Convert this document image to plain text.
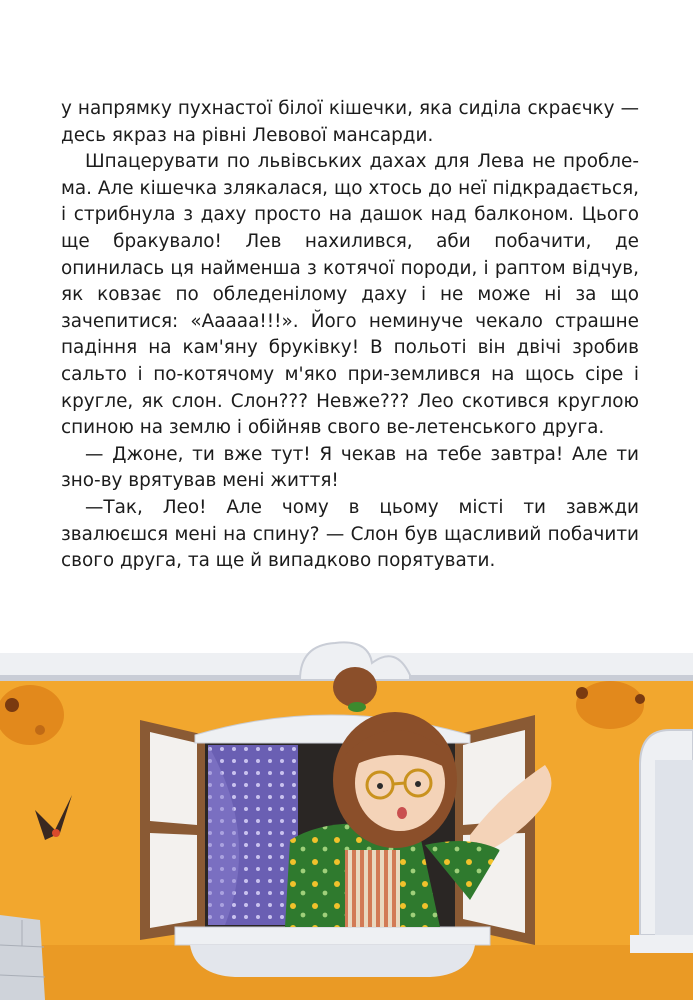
у напрямку пухнастої білої кішечки, яка сиділа скраєчку — десь якраз на рівні Левової мансарди.

Шпацерувати по львівських дахах для Лева не пробле-ма. Але кішечка злякалася, що хтось до неї підкрадається, і стрибнула з даху просто на дашок над балконом. Цього ще бракувало! Лев нахилився, аби побачити, де опинилась ця найменша з котячої породи, і раптом відчув, як ковзає по обледенілому даху і не може ні за що зачепитися: «Ааааа!!!». Його неминуче чекало страшне падіння на кам'яну бруківку! В польоті він двічі зробив сальто і по-котячому м'яко при-землився на щось сіре і кругле, як слон. Слон??? Невже??? Лео скотився круглою спиною на землю і обійняв свого ве-летенського друга.

— Джоне, ти вже тут! Я чекав на тебе завтра! Але ти зно-ву врятував мені життя!

—Так, Лео! Але чому в цьому місті ти завжди звалюєшся мені на спину? — Слон був щасливий побачити свого друга, та ще й випадково порятувати.
